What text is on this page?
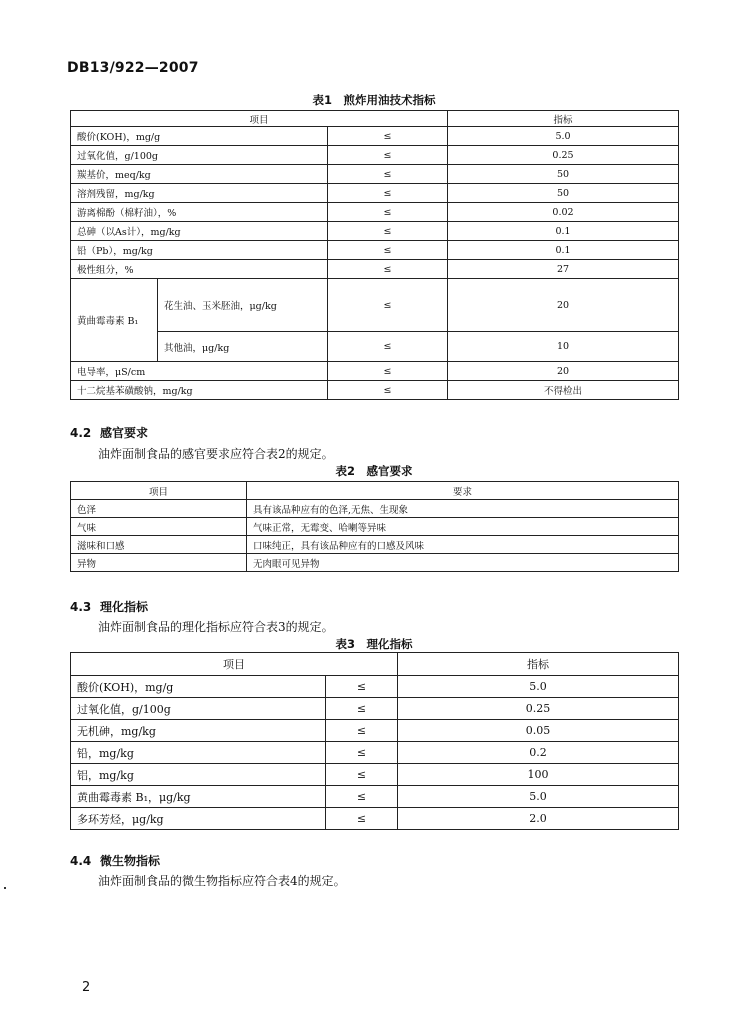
DB13/922—2007
表1　煎炸用油技术指标
项目			指标
酸价(KOH)，mg/g		≤	5.0
过氧化值，g/100g		≤	0.25
羰基价，meq/kg		≤	50
溶剂残留，mg/kg		≤	50
游离棉酚（棉籽油），%		≤	0.02
总砷（以As计），mg/kg		≤	0.1
铅（Pb），mg/kg		≤	0.1
极性组分，%		≤	27
黄曲霉毒素 B₁	花生油、玉米胚油，μg/kg	≤	20
	其他油，μg/kg	≤	10
电导率，μS/cm		≤	20
十二烷基苯磺酸钠，mg/kg		≤	不得检出
4.2 感官要求
油炸面制食品的感官要求应符合表2的规定。
表2　感官要求
项目	要求
色泽	具有该品种应有的色泽,无焦、生现象
气味	气味正常，无霉变、哈喇等异味
滋味和口感	口味纯正，具有该品种应有的口感及风味
异物	无肉眼可见异物
4.3 理化指标
油炸面制食品的理化指标应符合表3的规定。
表3　理化指标
项目		指标
酸价(KOH)，mg/g	≤	5.0
过氧化值，g/100g	≤	0.25
无机砷，mg/kg	≤	0.05
铅，mg/kg	≤	0.2
铝，mg/kg	≤	100
黄曲霉毒素 B₁，μg/kg	≤	5.0
多环芳烃，μg/kg	≤	2.0
4.4 微生物指标
油炸面制食品的微生物指标应符合表4的规定。
2
